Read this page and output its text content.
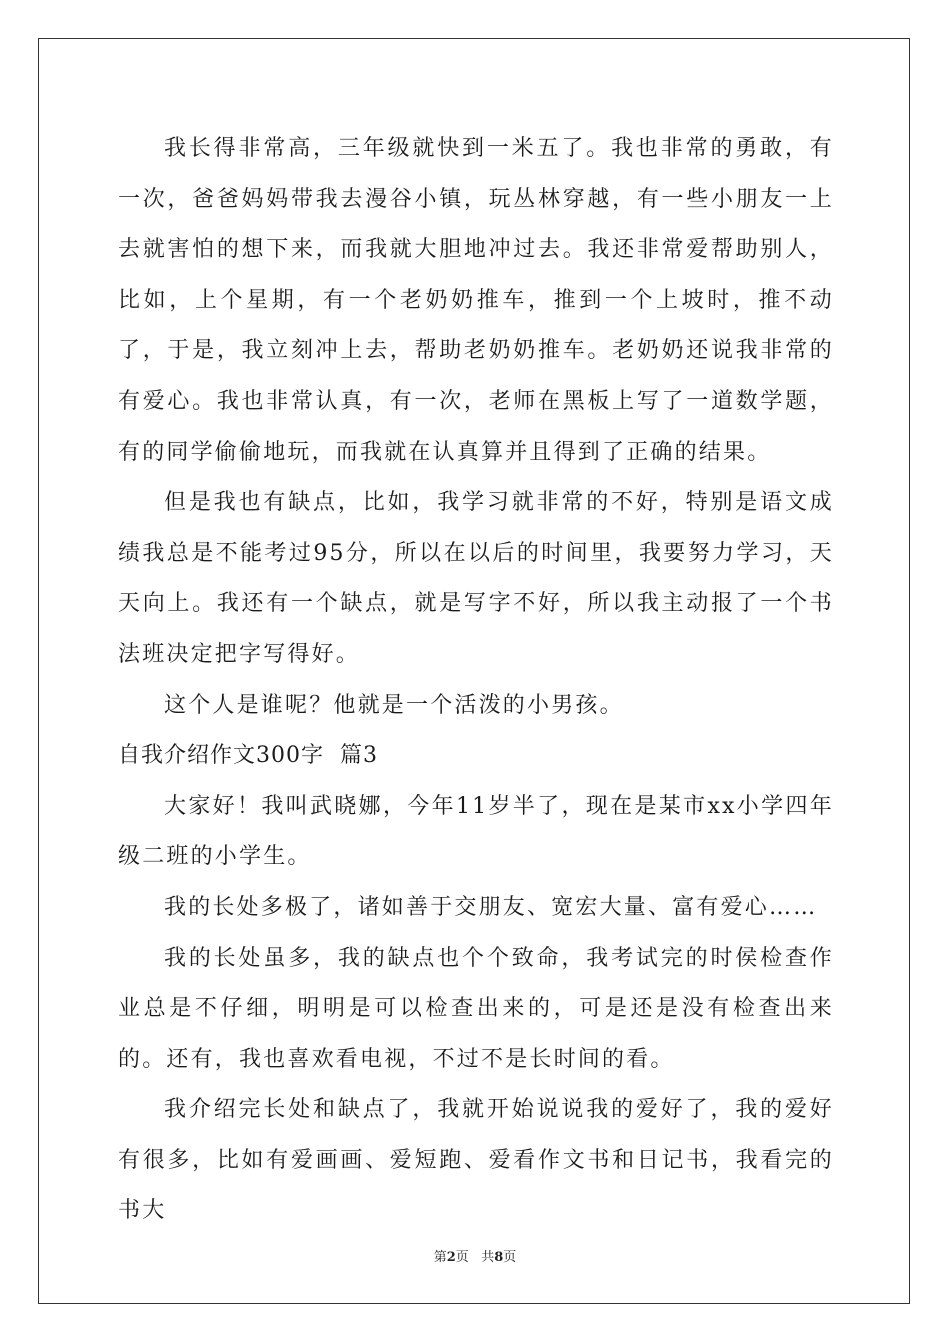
我长得非常高，三年级就快到一米五了。我也非常的勇敢，有一次，爸爸妈妈带我去漫谷小镇，玩丛林穿越，有一些小朋友一上去就害怕的想下来，而我就大胆地冲过去。我还非常爱帮助别人，比如，上个星期，有一个老奶奶推车，推到一个上坡时，推不动了，于是，我立刻冲上去，帮助老奶奶推车。老奶奶还说我非常的有爱心。我也非常认真，有一次，老师在黑板上写了一道数学题，有的同学偷偷地玩，而我就在认真算并且得到了正确的结果。

但是我也有缺点，比如，我学习就非常的不好，特别是语文成绩我总是不能考过95分，所以在以后的时间里，我要努力学习，天天向上。我还有一个缺点，就是写字不好，所以我主动报了一个书法班决定把字写得好。

这个人是谁呢？他就是一个活泼的小男孩。

自我介绍作文300字  篇3

大家好！我叫武晓娜，今年11岁半了，现在是某市xx小学四年级二班的小学生。

我的长处多极了，诸如善于交朋友、宽宏大量、富有爱心……

我的长处虽多，我的缺点也个个致命，我考试完的时侯检查作业总是不仔细，明明是可以检查出来的，可是还是没有检查出来的。还有，我也喜欢看电视，不过不是长时间的看。

我介绍完长处和缺点了，我就开始说说我的爱好了，我的爱好有很多，比如有爱画画、爱短跑、爱看作文书和日记书，我看完的书大

第2页 共8页
